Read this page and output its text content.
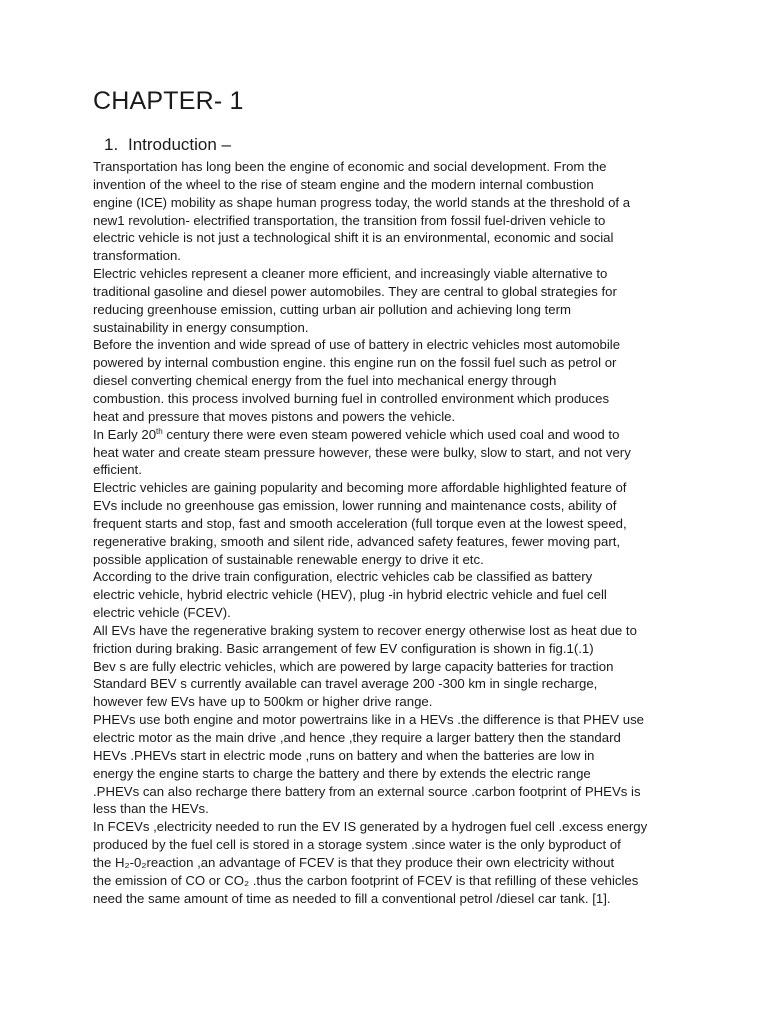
CHAPTER- 1
1. Introduction –
Transportation has long been the engine of economic and social development. From the
invention of the wheel to the rise of steam engine and the modern internal combustion
engine (ICE) mobility as shape human progress today, the world stands at the threshold of a
new1 revolution- electrified transportation, the transition from fossil fuel-driven vehicle to
electric vehicle is not just a technological shift it is an environmental, economic and social
transformation.
Electric vehicles represent a cleaner more efficient, and increasingly viable alternative to
traditional gasoline and diesel power automobiles. They are central to global strategies for
reducing greenhouse emission, cutting urban air pollution and achieving long term
sustainability in energy consumption.
Before the invention and wide spread of use of battery in electric vehicles most automobile
powered by internal combustion engine. this engine run on the fossil fuel such as petrol or
diesel converting chemical energy from the fuel into mechanical energy through
combustion. this process involved burning fuel in controlled environment which produces
heat and pressure that moves pistons and powers the vehicle.
In Early 20th century there were even steam powered vehicle which used coal and wood to
heat water and create steam pressure however, these were bulky, slow to start, and not very
efficient.
Electric vehicles are gaining popularity and becoming more affordable highlighted feature of
EVs include no greenhouse gas emission, lower running and maintenance costs, ability of
frequent starts and stop, fast and smooth acceleration (full torque even at the lowest speed,
regenerative braking, smooth and silent ride, advanced safety features, fewer moving part,
possible application of sustainable renewable energy to drive it etc.
According to the drive train configuration, electric vehicles cab be classified as battery
electric vehicle, hybrid electric vehicle (HEV), plug -in hybrid electric vehicle and fuel cell
electric vehicle (FCEV).
All EVs have the regenerative braking system to recover energy otherwise lost as heat due to
friction during braking. Basic arrangement of few EV configuration is shown in fig.1(.1)
Bev s are fully electric vehicles, which are powered by large capacity batteries for traction
Standard BEV s currently available can travel average 200 -300 km in single recharge,
however few EVs have up to 500km or higher drive range.
PHEVs use both engine and motor powertrains like in a HEVs .the difference is that PHEV use
electric motor as the main drive ,and hence ,they require a larger battery then the standard
HEVs .PHEVs start in electric mode ,runs on battery and when the batteries are low in
energy the engine starts to charge the battery and there by extends the electric range
.PHEVs can also recharge there battery from an external source .carbon footprint of PHEVs is
less than the HEVs.
In FCEVs ,electricity needed to run the EV IS generated by a hydrogen fuel cell .excess energy
produced by the fuel cell is stored in a storage system .since water is the only byproduct of
the H₂-0₂reaction ,an advantage of FCEV is that they produce their own electricity without
the emission of CO or CO₂ .thus the carbon footprint of FCEV is that refilling of these vehicles
need the same amount of time as needed to fill a conventional petrol /diesel car tank. [1].
